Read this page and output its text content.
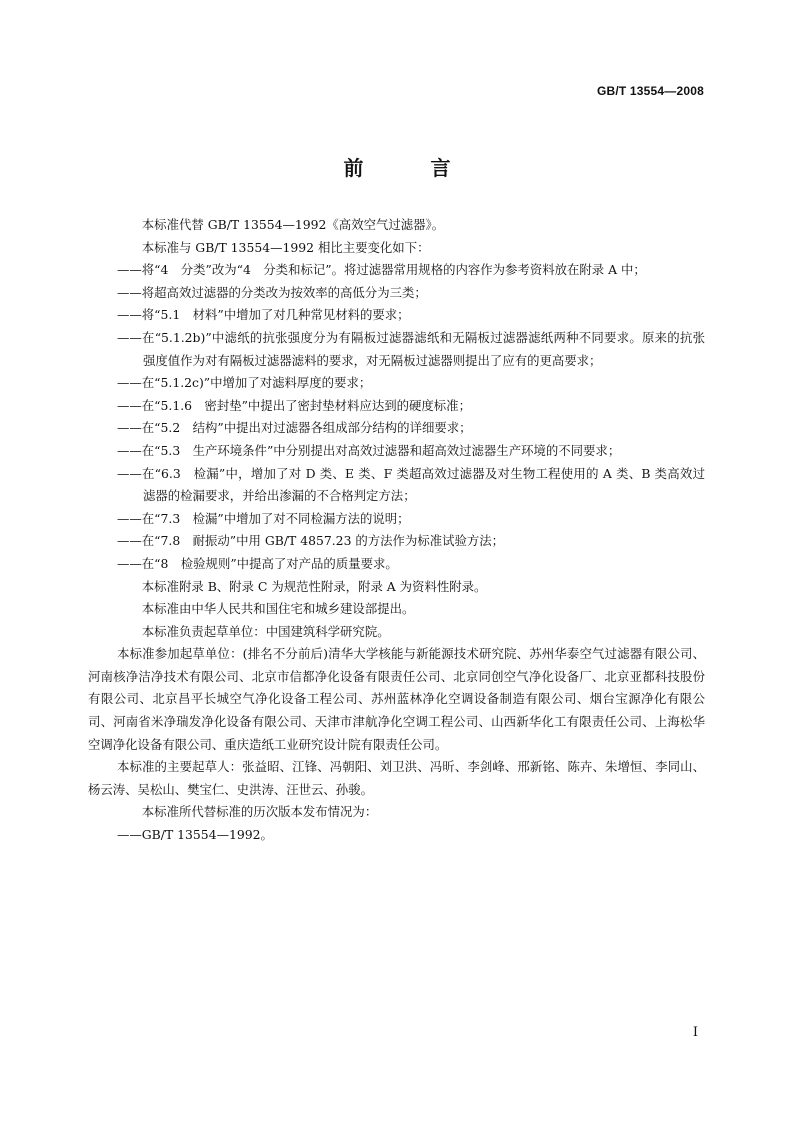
GB/T 13554—2008
前 言

本标准代替 GB/T 13554—1992《高效空气过滤器》。

本标准与 GB/T 13554—1992 相比主要变化如下：

——将“4　分类”改为“4　分类和标记”。将过滤器常用规格的内容作为参考资料放在附录 A 中；

——将超高效过滤器的分类改为按效率的高低分为三类；

——将“5.1　材料”中增加了对几种常见材料的要求；

——在“5.1.2b)”中滤纸的抗张强度分为有隔板过滤器滤纸和无隔板过滤器滤纸两种不同要求。原来的抗张强度值作为对有隔板过滤器滤料的要求，对无隔板过滤器则提出了应有的更高要求；

——在“5.1.2c)”中增加了对滤料厚度的要求；

——在“5.1.6　密封垫”中提出了密封垫材料应达到的硬度标准；

——在“5.2　结构”中提出对过滤器各组成部分结构的详细要求；

——在“5.3　生产环境条件”中分别提出对高效过滤器和超高效过滤器生产环境的不同要求；

——在“6.3　检漏”中，增加了对 D 类、E 类、F 类超高效过滤器及对生物工程使用的 A 类、B 类高效过滤器的检漏要求，并给出渗漏的不合格判定方法；

——在“7.3　检漏”中增加了对不同检漏方法的说明；

——在“7.8　耐振动”中用 GB/T 4857.23 的方法作为标准试验方法；

——在“8　检验规则”中提高了对产品的质量要求。

本标准附录 B、附录 C 为规范性附录，附录 A 为资料性附录。

本标准由中华人民共和国住宅和城乡建设部提出。

本标准负责起草单位：中国建筑科学研究院。

本标准参加起草单位：(排名不分前后)清华大学核能与新能源技术研究院、苏州华泰空气过滤器有限公司、河南核净洁净技术有限公司、北京市信都净化设备有限责任公司、北京同创空气净化设备厂、北京亚都科技股份有限公司、北京昌平长城空气净化设备工程公司、苏州蓝林净化空调设备制造有限公司、烟台宝源净化有限公司、河南省米净瑞发净化设备有限公司、天津市津航净化空调工程公司、山西新华化工有限责任公司、上海松华空调净化设备有限公司、重庆造纸工业研究设计院有限责任公司。

本标准的主要起草人：张益昭、江锋、冯朝阳、刘卫洪、冯昕、李剑峰、邢新铭、陈卉、朱增恒、李同山、杨云涛、吴松山、樊宝仁、史洪涛、汪世云、孙骏。

本标准所代替标准的历次版本发布情况为：

——GB/T 13554—1992。

I
